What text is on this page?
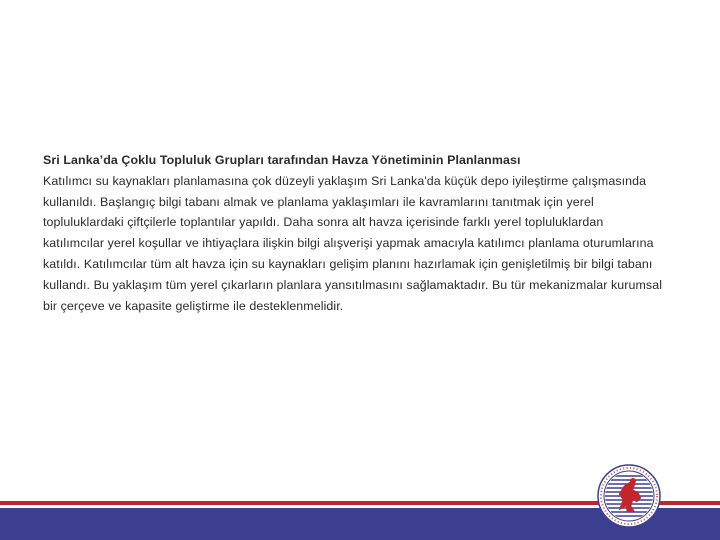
Sri Lanka’da Çoklu Topluluk Grupları tarafından Havza Yönetiminin Planlanması

Katılımcı su kaynakları planlamasına çok düzeyli yaklaşım Sri Lanka'da küçük depo iyileştirme çalışmasında kullanıldı. Başlangıç bilgi tabanı almak ve planlama yaklaşımları ile kavramlarını tanıtmak için yerel topluluklardaki çiftçilerle toplantılar yapıldı. Daha sonra alt havza içerisinde farklı yerel topluluklardan katılımcılar yerel koşullar ve ihtiyaçlara ilişkin bilgi alışverişi yapmak amacıyla katılımcı planlama oturumlarına katıldı. Katılımcılar tüm alt havza için su kaynakları gelişim planını hazırlamak için genişletilmiş bir bilgi tabanı kullandı. Bu yaklaşım tüm yerel çıkarların planlara yansıtılmasını sağlamaktadır. Bu tür mekanizmalar kurumsal bir çerçeve ve kapasite geliştirme ile desteklenmelidir.
